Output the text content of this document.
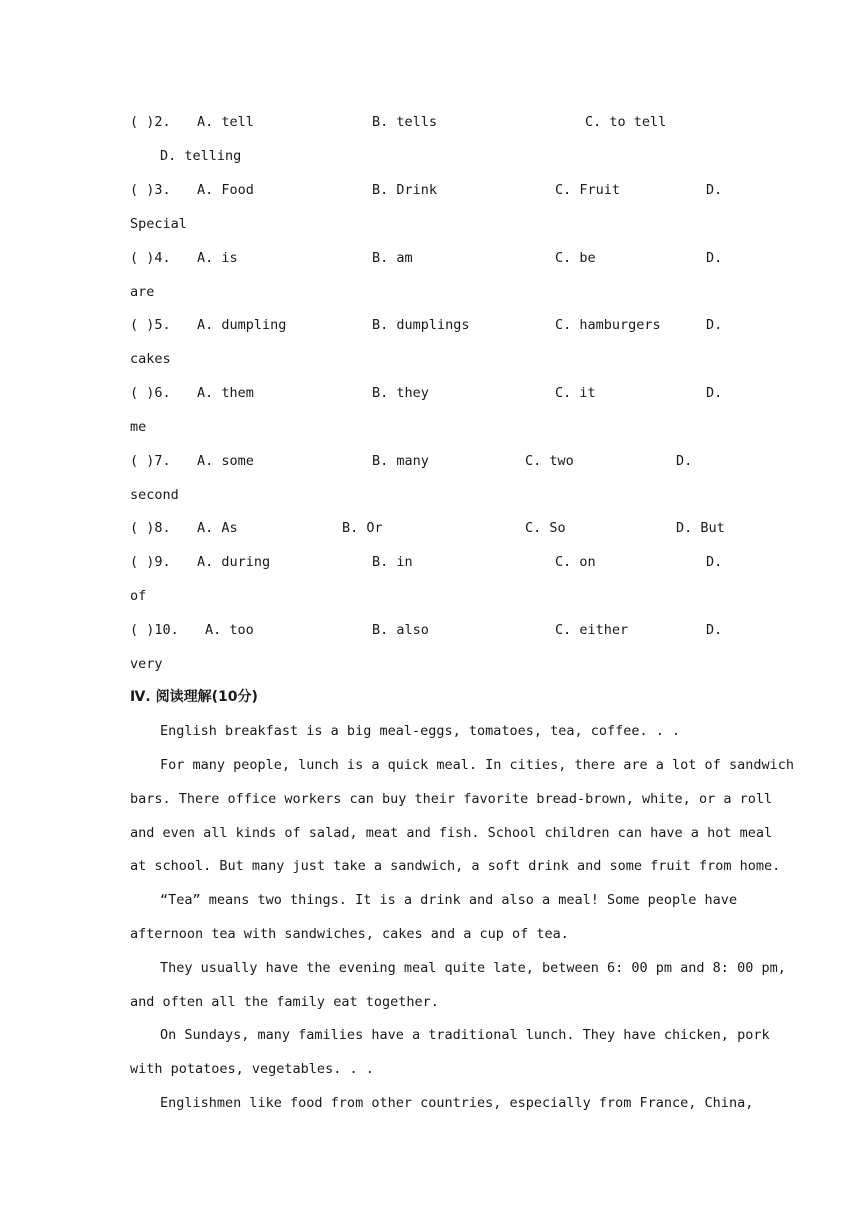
( )2. A. tell	B. tells	C. to tell
D. telling
( )3. A. Food	B. Drink	C. Fruit	D.
Special
( )4. A. is	B. am	C. be	D.
are
( )5. A. dumpling	B. dumplings	C. hamburgers	D.
cakes
( )6. A. them	B. they	C. it	D.
me
( )7. A. some	B. many	C. two	D.
second
( )8. A. As	B. Or	C. So	D. But
( )9. A. during	B. in	C. on	D.
of
( )10. A. too	B. also	C. either	D.
very
Ⅳ. 阅读理解(10分)
English breakfast is a big meal-eggs, tomatoes, tea, coffee. . .
For many people, lunch is a quick meal. In cities, there are a lot of sandwich
bars. There office workers can buy their favorite bread-brown, white, or a roll
and even all kinds of salad, meat and fish. School children can have a hot meal
at school. But many just take a sandwich, a soft drink and some fruit from home.
“Tea” means two things. It is a drink and also a meal! Some people have
afternoon tea with sandwiches, cakes and a cup of tea.
They usually have the evening meal quite late, between 6: 00 pm and 8: 00 pm,
and often all the family eat together.
On Sundays, many families have a traditional lunch. They have chicken, pork
with potatoes, vegetables. . .
Englishmen like food from other countries, especially from France, China,
